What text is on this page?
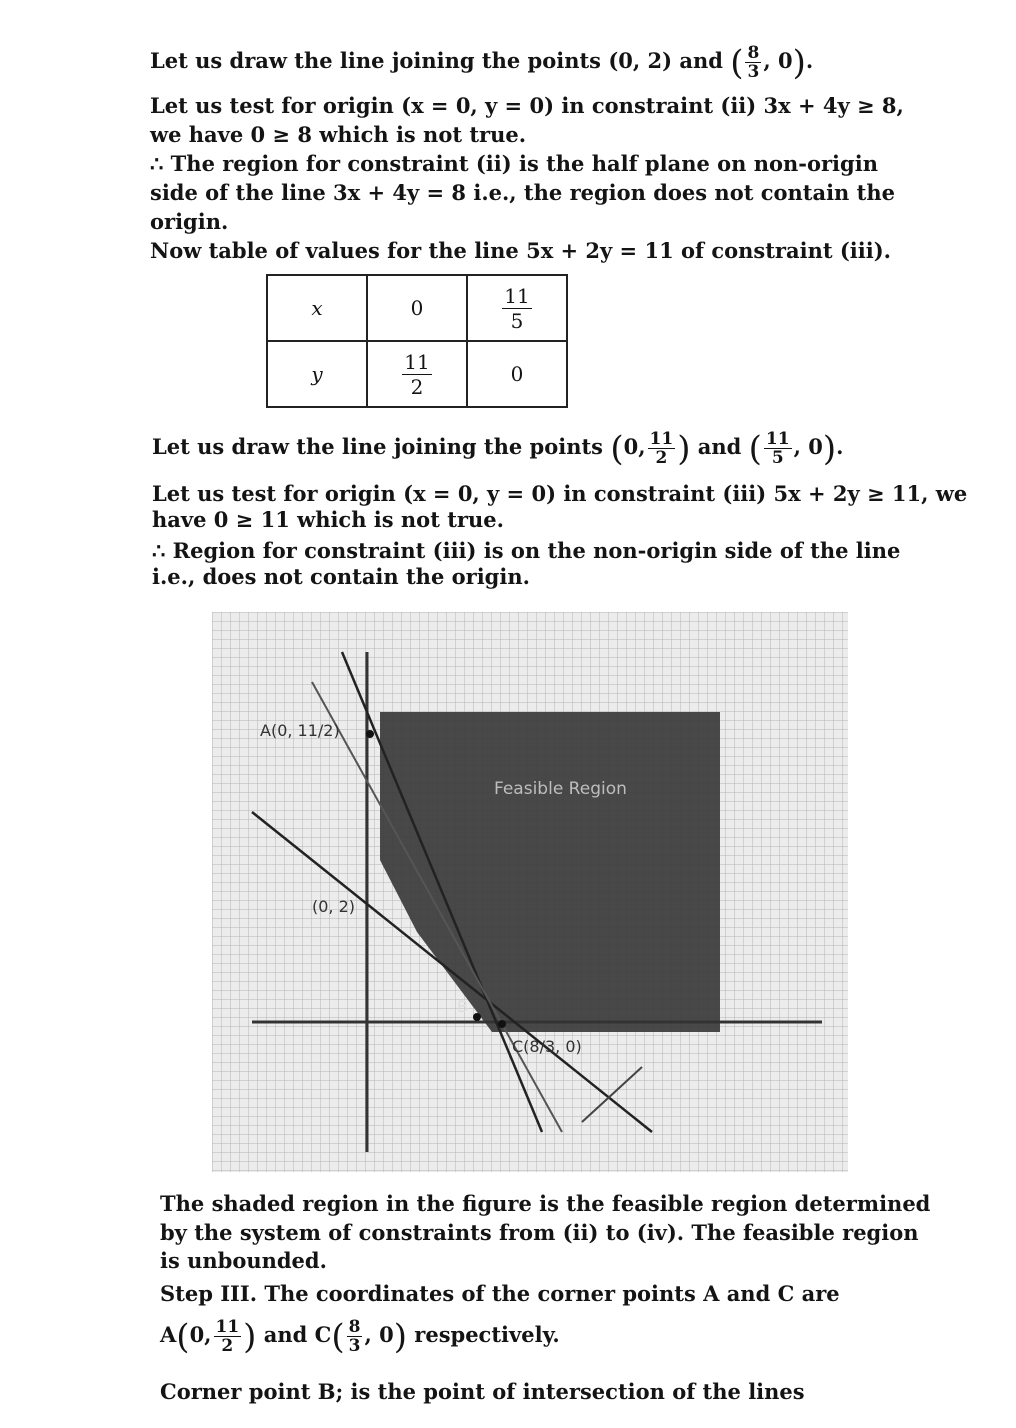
Let us draw the line joining the points (0, 2) and ( $\frac{8}{3}$ , 0).
Let us test for origin (x = 0, y = 0) in constraint (ii) 3x + 4y ≥ 8,
we have 0 ≥ 8 which is not true.
∴ The region for constraint (ii) is the half plane on non-origin
side of the line 3x + 4y = 8 i.e., the region does not contain the
origin.
Now table of values for the line 5x + 2y = 11 of constraint (iii).
x	0	$\frac{11}{5}$

y	$\frac{11}{2}$	0
Let us draw the line joining the points (0, $\frac{11}{2}$ ) and ( $\frac{11}{5}$ , 0).
Let us test for origin (x = 0, y = 0) in constraint (iii) 5x + 2y ≥ 11, we
have 0 ≥ 11 which is not true.
∴ Region for constraint (iii) is on the non-origin side of the line
i.e., does not contain the origin.
A(0, 11/2)
Feasible Region
(0, 2)
B
C(8/3, 0)
The shaded region in the figure is the feasible region determined
by the system of constraints from (ii) to (iv). The feasible region
is unbounded.
Step III. The coordinates of the corner points A and C are
A(0, $\frac{11}{2}$ ) and $C( \frac{8}{3}$ , 0) respectively.
Corner point B; is the point of intersection of the lines
